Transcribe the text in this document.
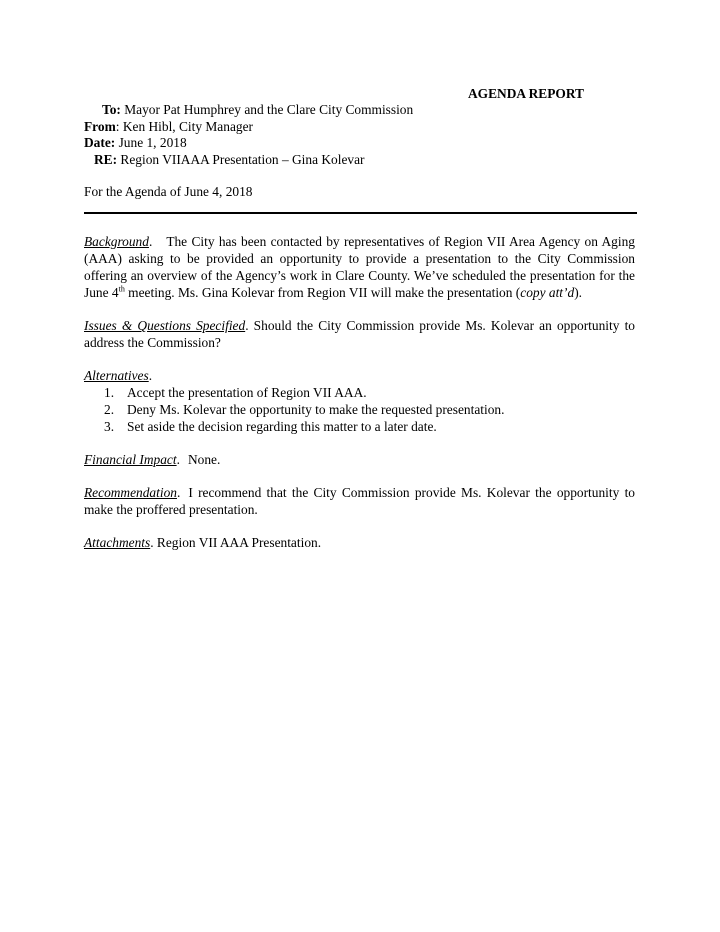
AGENDA REPORT
To: Mayor Pat Humphrey and the Clare City Commission
From: Ken Hibl, City Manager
Date: June 1, 2018
RE: Region VIIAAA Presentation – Gina Kolevar
For the Agenda of June 4, 2018

Background. The City has been contacted by representatives of Region VII Area Agency on Aging (AAA) asking to be provided an opportunity to provide a presentation to the City Commission offering an overview of the Agency’s work in Clare County. We’ve scheduled the presentation for the June 4th meeting. Ms. Gina Kolevar from Region VII will make the presentation (copy att’d).

Issues & Questions Specified. Should the City Commission provide Ms. Kolevar an opportunity to address the Commission?

Alternatives.
1. Accept the presentation of Region VII AAA.
2. Deny Ms. Kolevar the opportunity to make the requested presentation.
3. Set aside the decision regarding this matter to a later date.

Financial Impact. None.

Recommendation. I recommend that the City Commission provide Ms. Kolevar the opportunity to make the proffered presentation.

Attachments. Region VII AAA Presentation.
